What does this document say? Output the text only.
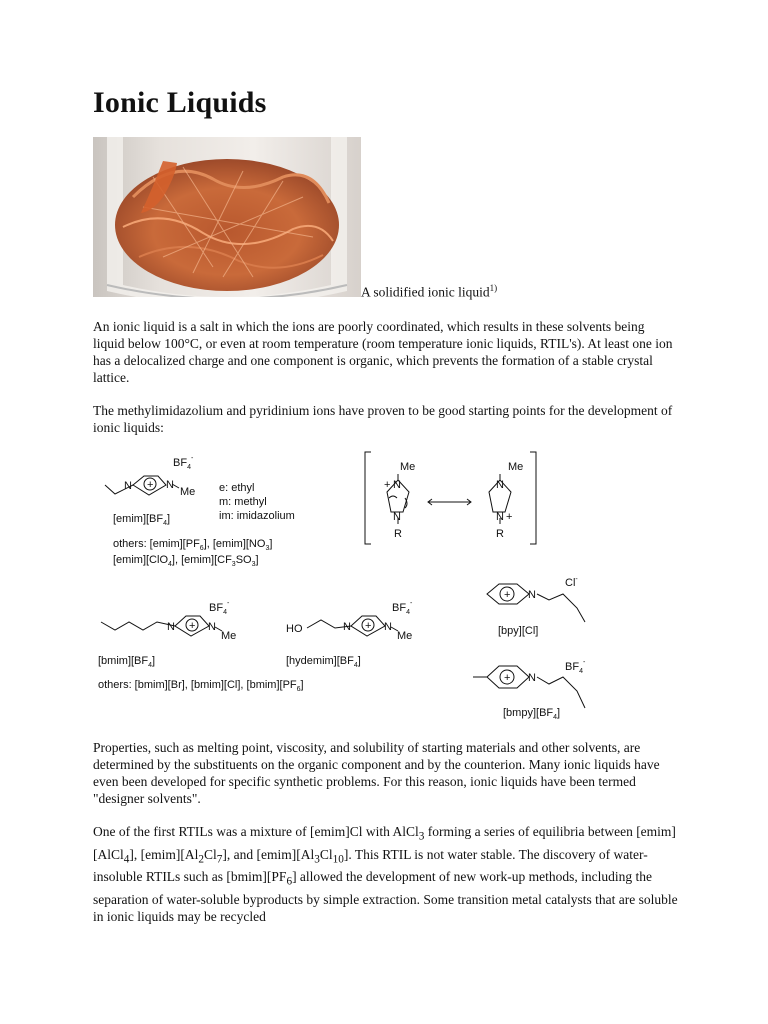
Ionic Liquids
A solidified ionic liquid$^{1)}$

An ionic liquid is a salt in which the ions are poorly coordinated, which results in these solvents being liquid below 100°C, or even at room temperature (room temperature ionic liquids, RTIL's). At least one ion has a delocalized charge and one component is organic, which prevents the formation of a stable crystal lattice.

The methylimidazolium and pyridinium ions have proven to be good starting points for the development of ionic liquids:

$BF_4^-$
N	N
Me
+
$[emim][BF_4]$
e: ethyl
m: methyl
im: imidazolium
others: $[emim][PF_6]$, $[emim][NO_3]$
[emim][ClO$_4$], $[emim][CF_3SO_3]$
Me
N
+
N
R
Me
N
N +
R
$BF_4^-$
N	N
Me
+
$[bmim][BF_4]$
others: [bmim][Br], [bmim][Cl], $[bmim][PF_6]$
HO
$BF_4^-$
N	N
Me
+
$[hydemim][BF_4]$
Cl-
N
+
[bpy][Cl]
$BF_4^-$
N
+
$[bmpy][BF_4]$

Properties, such as melting point, viscosity, and solubility of starting materials and other solvents, are determined by the substituents on the organic component and by the counterion. Many ionic liquids have even been developed for specific synthetic problems. For this reason, ionic liquids have been termed "designer solvents".

One of the first RTILs was a mixture of [emim]Cl with AlCl$_3$ forming a series of equilibria between [emim][AlCl$_4$], $[emim][Al_2Cl_7]$, and $[emim][Al_3Cl_{10}]$. This RTIL is not water stable. The discovery of water-insoluble RTILs such as $[bmim][PF_6]$ allowed the development of new work-up methods, including the separation of water-soluble byproducts by simple extraction. Some transition metal catalysts that are soluble in ionic liquids may be recycled
